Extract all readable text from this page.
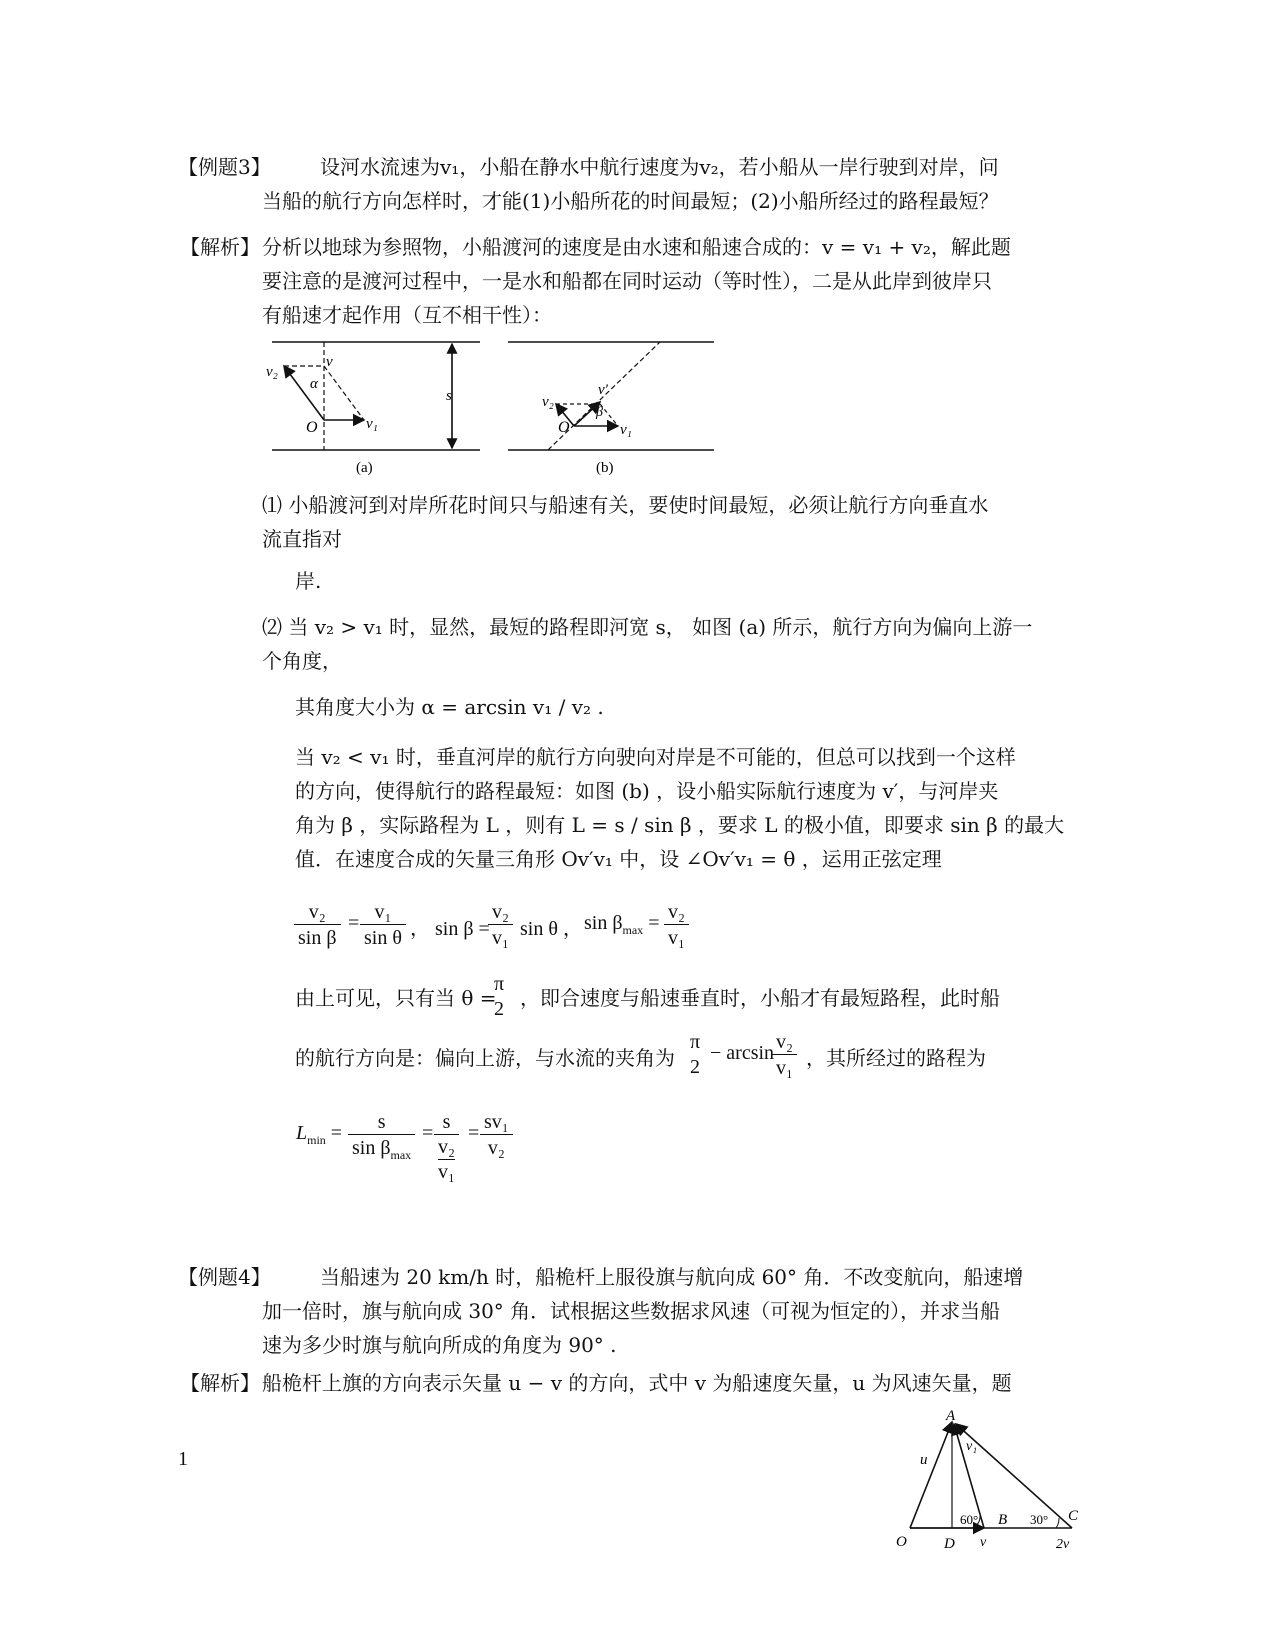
【例题3】 设河水流速为v₁，小船在静水中航行速度为v₂，若小船从一岸行驶到对岸，问
当船的航行方向怎样时，才能(1)小船所花的时间最短；(2)小船所经过的路程最短？
【解析】 分析以地球为参照物，小船渡河的速度是由水速和船速合成的：v = v₁ + v₂，解此题
要注意的是渡河过程中，一是水和船都在同时运动（等时性），二是从此岸到彼岸只
有船速才起作用（互不相干性）：
v₂
v
α
O	v₁
s
(a)
v₂
v′
β
O	v₁
(b)
⑴ 小船渡河到对岸所花时间只与船速有关，要使时间最短，必须让航行方向垂直水
流直指对
岸.
⑵ 当 v₂ > v₁ 时，显然，最短的路程即河宽 s， 如图 (a) 所示，航行方向为偏向上游一
个角度，
其角度大小为 α = arcsin v₁ / v₂ .
当 v₂ < v₁ 时，垂直河岸的航行方向驶向对岸是不可能的，但总可以找到一个这样
的方向，使得航行的路程最短：如图 (b) ，设小船实际航行速度为 v′，与河岸夹
角为 β ，实际路程为 L ，则有 L = s / sin β ，要求 L 的极小值，即要求 sin β 的最大
值．在速度合成的矢量三角形 Ov′v₁ 中，设 ∠Ov′v₁ = θ ，运用正弦定理
$\frac{\text{v₂}}{\text{sin β}} = \frac{\text{v₁}}{\text{sin θ}}$ ， sin β =
$\frac{\text{v₂}}{\text{v₁}}$ sin θ ， $\sin \beta_{max} = \frac{\text{v₂}}{\text{v₁}}$
由上可见，只有当 θ =
π
2 ，即合速度与船速垂直时，小船才有最短路程，此时船
的航行方向是：偏向上游，与水流的夹角为
π
2
− arcsin
$\frac{\text{v₂}}{\text{v₁}}$ ，其所经过的路程为
$L_{min}$ =	s
$\sin \beta_{max}$
= s
v₂
$v_1 = \frac{\text{sv₁}}{\text{v₂}}$
【例题4】 当船速为 20 km/h 时，船桅杆上服役旗与航向成 60° 角．不改变航向，船速增
加一倍时，旗与航向成 30° 角．试根据这些数据求风速（可视为恒定的），并求当船
速为多少时旗与航向所成的角度为 90° .
【解析】 船桅杆上旗的方向表示矢量 u − v 的方向，式中 v 为船速度矢量，u 为风速矢量，题
A
u
v₁
O D v
60° B 30° C
2v
1
